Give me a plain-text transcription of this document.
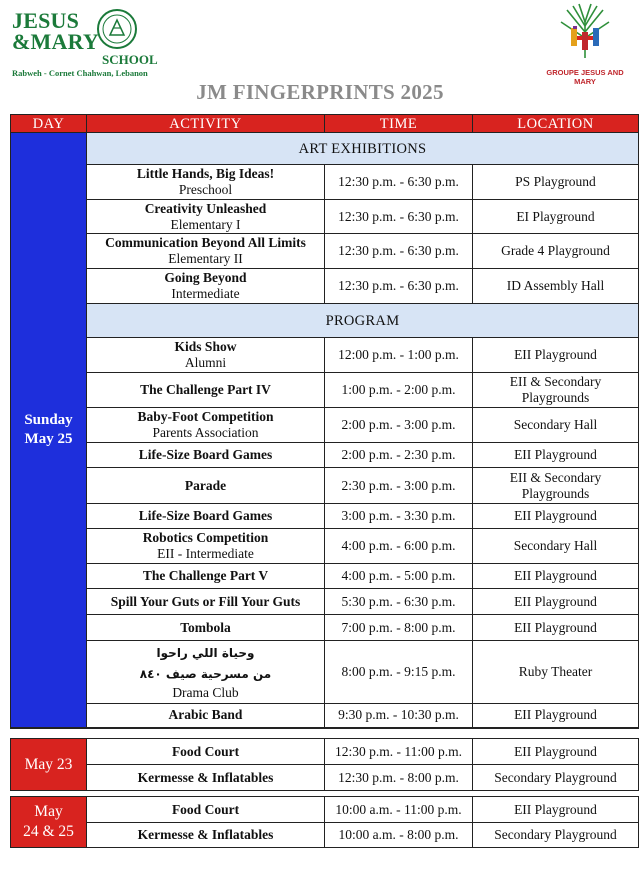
JESUS
&MARY
SCHOOL
Rabweh - Cornet Chahwan, Lebanon	GROUPE JESUS AND MARY
JM FINGERPRINTS 2025
DAY	ACTIVITY	TIME	LOCATION

Sunday
May 25	ART EXHIBITIONS		

	Little Hands, Big Ideas!
Preschool	12:30 p.m. - 6:30 p.m.	PS Playground

	Creativity Unleashed
Elementary I	12:30 p.m. - 6:30 p.m.	EI Playground

	Communication Beyond All Limits
Elementary II	12:30 p.m. - 6:30 p.m.	Grade 4 Playground

	Going Beyond
Intermediate	12:30 p.m. - 6:30 p.m.	ID Assembly Hall
	PROGRAM		

	Kids Show
Alumni	12:00 p.m. - 1:00 p.m.	EII Playground

	The Challenge Part IV	1:00 p.m. - 2:00 p.m.	EII & Secondary Playgrounds

	Baby-Foot Competition
Parents Association	2:00 p.m. - 3:00 p.m.	Secondary Hall

	Life-Size Board Games	2:00 p.m. - 2:30 p.m.	EII Playground

	Parade	2:30 p.m. - 3:00 p.m.	EII & Secondary Playgrounds

	Life-Size Board Games	3:00 p.m. - 3:30 p.m.	EII Playground

	Robotics Competition
EII - Intermediate	4:00 p.m. - 6:00 p.m.	Secondary Hall

	The Challenge Part V	4:00 p.m. - 5:00 p.m.	EII Playground

	Spill Your Guts or Fill Your Guts	5:30 p.m. - 6:30 p.m.	EII Playground

	Tombola	7:00 p.m. - 8:00 p.m.	EII Playground

	وحياة اللي راحوا
من مسرحية صيف ٨٤٠
Drama Club	8:00 p.m. - 9:15 p.m.	Ruby Theater

	Arabic Band	9:30 p.m. - 10:30 p.m.	EII Playground
May 23	Food Court	12:30 p.m. - 11:00 p.m.	EII Playground

	Kermesse & Inflatables	12:30 p.m. - 8:00 p.m.	Secondary Playground
May
24 & 25	Food Court	10:00 a.m. - 11:00 p.m.	EII Playground

	Kermesse & Inflatables	10:00 a.m. - 8:00 p.m.	Secondary Playground
